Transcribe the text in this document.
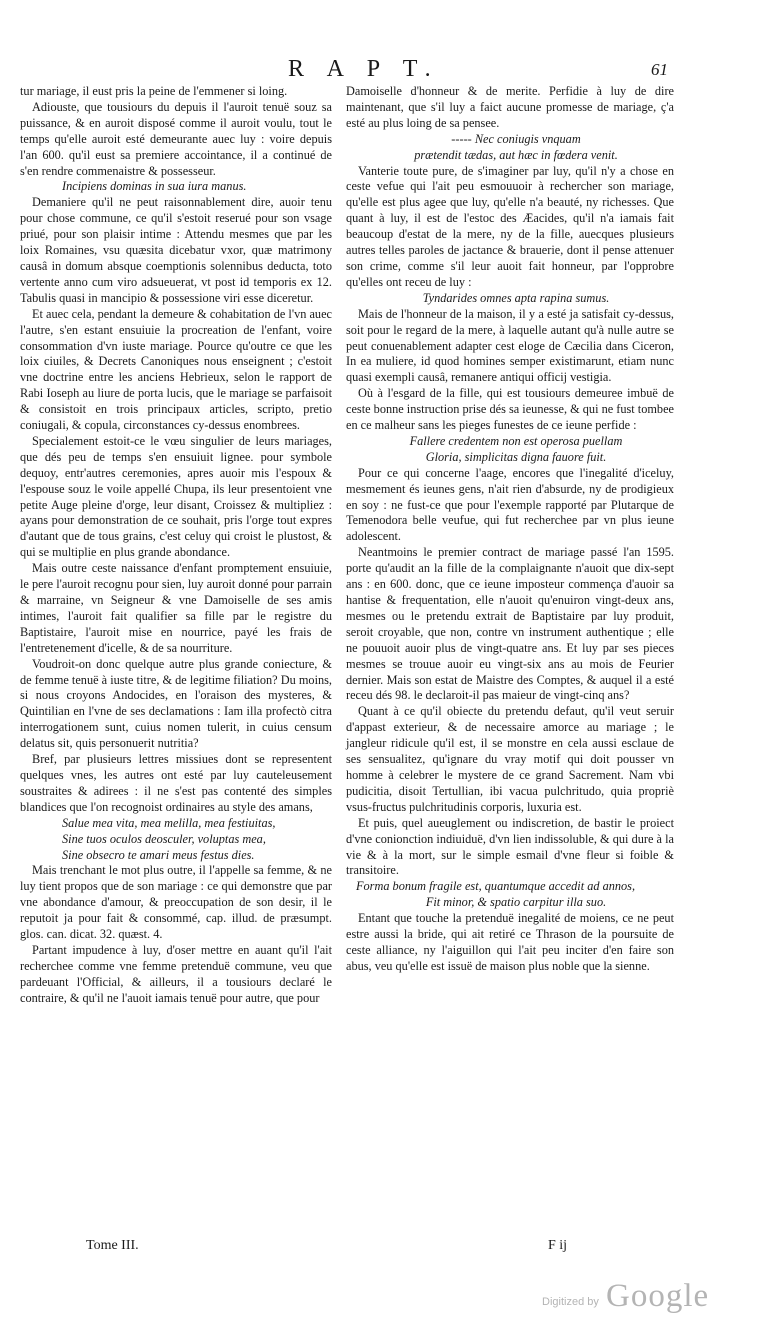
R A P T.	61

tur mariage, il eust pris la peine de l'emmener si loing.

Adiouste, que tousiours du depuis il l'auroit tenuë souz sa puissance, & en auroit disposé comme il auroit voulu, tout le temps qu'elle auroit esté demeurante auec luy : voire depuis l'an 600. qu'il eust sa premiere accointance, il a continué de s'en rendre commenaistre & possesseur.

Incipiens dominas in sua iura manus.

Demaniere qu'il ne peut raisonnablement dire, auoir tenu pour chose commune, ce qu'il s'estoit reserué pour son vsage priué, pour son plaisir intime : Attendu mesmes que par les loix Romaines, vsu quæsita dicebatur vxor, quæ matrimony causâ in domum absque coemptionis solennibus deducta, toto vertente anno cum viro adsueuerat, vt post id temporis ex 12. Tabulis quasi in mancipio & possessione viri esse diceretur.

Et auec cela, pendant la demeure & cohabitation de l'vn auec l'autre, s'en estant ensuiuie la procreation de l'enfant, voire consommation d'vn iuste mariage. Pource qu'outre ce que les loix ciuiles, & Decrets Canoniques nous enseignent ; c'estoit vne doctrine entre les anciens Hebrieux, selon le rapport de Rabi Ioseph au liure de porta lucis, que le mariage se parfaisoit & consistoit en trois principaux articles, scripto, pretio coniugali, & copula, circonstances cy-dessus enombrees.

Specialement estoit-ce le vœu singulier de leurs mariages, que dés peu de temps s'en ensuiuit lignee. pour symbole dequoy, entr'autres ceremonies, apres auoir mis l'espoux & l'espouse souz le voile appellé Chupa, ils leur presentoient vne petite Auge pleine d'orge, leur disant, Croissez & multipliez : ayans pour demonstration de ce souhait, pris l'orge tout expres d'autant que de tous grains, c'est celuy qui croist le plustost, & qui se multiplie en plus grande abondance.

Mais outre ceste naissance d'enfant promptement ensuiuie, le pere l'auroit recognu pour sien, luy auroit donné pour parrain & marraine, vn Seigneur & vne Damoiselle de ses amis intimes, l'auroit fait qualifier sa fille par le registre du Baptistaire, l'auroit mise en nourrice, payé les frais de l'entretenement d'icelle, & de sa nourriture.

Voudroit-on donc quelque autre plus grande coniecture, & de femme tenuë à iuste titre, & de legitime filiation? Du moins, si nous croyons Andocides, en l'oraison des mysteres, & Quintilian en l'vne de ses declamations : Iam illa profectò citra interrogationem sunt, cuius nomen tulerit, in cuius censum delatus sit, quis personuerit nutritia?

Bref, par plusieurs lettres missiues dont se representent quelques vnes, les autres ont esté par luy cauteleusement soustraites & adirees : il ne s'est pas contenté des simples blandices que l'on recognoist ordinaires au style des amans,

Salue mea vita, mea melilla, mea festiuitas,

Sine tuos oculos deosculer, voluptas mea,

Sine obsecro te amari meus festus dies.

Mais trenchant le mot plus outre, il l'appelle sa femme, & ne luy tient propos que de son mariage : ce qui demonstre que par vne abondance d'amour, & preoccupation de son desir, il le reputoit ja pour fait & consommé, cap. illud. de præsumpt. glos. can. dicat. 32. quæst. 4.

Partant impudence à luy, d'oser mettre en auant qu'il l'ait recherchee comme vne femme pretenduë commune, veu que pardeuant l'Official, & ailleurs, il a tousiours declaré le contraire, & qu'il ne l'auoit iamais tenuë pour autre, que pour

Damoiselle d'honneur & de merite. Perfidie à luy de dire maintenant, que s'il luy a faict aucune promesse de mariage, ç'a esté au plus loing de sa pensee.

----- Nec coniugis vnquam

prætendit tædas, aut hæc in fœdera venit.

Vanterie toute pure, de s'imaginer par luy, qu'il n'y a chose en ceste vefue qui l'ait peu esmouuoir à rechercher son mariage, qu'elle est plus agee que luy, qu'elle n'a beauté, ny richesses. Que quant à luy, il est de l'estoc des Æacides, qu'il n'a iamais fait beaucoup d'estat de la mere, ny de la fille, auecques plusieurs autres telles paroles de jactance & brauerie, dont il pense attenuer son crime, comme s'il leur auoit fait honneur, par l'opprobre qu'elles ont receu de luy :

Tyndarides omnes apta rapina sumus.

Mais de l'honneur de la maison, il y a esté ja satisfait cy-dessus, soit pour le regard de la mere, à laquelle autant qu'à nulle autre se peut conuenablement adapter cest eloge de Cæcilia dans Ciceron, In ea muliere, id quod homines semper existimarunt, etiam nunc quasi exempli causâ, remanere antiqui officij vestigia.

Où à l'esgard de la fille, qui est tousiours demeuree imbuë de ceste bonne instruction prise dés sa ieunesse, & qui ne fust tombee en ce malheur sans les pieges funestes de ce ieune perfide :

Fallere credentem non est operosa puellam

Gloria, simplicitas digna fauore fuit.

Pour ce qui concerne l'aage, encores que l'inegalité d'iceluy, mesmement és ieunes gens, n'ait rien d'absurde, ny de prodigieux en soy : ne fust-ce que pour l'exemple rapporté par Plutarque de Temenodora belle veufue, qui fut recherchee par vn plus ieune adolescent.

Neantmoins le premier contract de mariage passé l'an 1595. porte qu'audit an la fille de la complaignante n'auoit que dix-sept ans : en 600. donc, que ce ieune imposteur commença d'auoir sa hantise & frequentation, elle n'auoit qu'enuiron vingt-deux ans, mesmes ou le pretendu extrait de Baptistaire par luy produit, seroit croyable, que non, contre vn instrument authentique ; elle ne pouuoit auoir plus de vingt-quatre ans. Et luy par ses pieces mesmes se trouue auoir eu vingt-six ans au mois de Feurier dernier. Mais son estat de Maistre des Comptes, & auquel il a esté receu dés 98. le declaroit-il pas maieur de vingt-cinq ans?

Quant à ce qu'il obiecte du pretendu defaut, qu'il veut seruir d'appast exterieur, & de necessaire amorce au mariage ; le jangleur ridicule qu'il est, il se monstre en cela aussi esclaue de ses sensualitez, qu'ignare du vray motif qui doit pousser vn homme à celebrer le mystere de ce grand Sacrement. Nam vbi pudicitia, disoit Tertullian, ibi vacua pulchritudo, quia propriè vsus-fructus pulchritudinis corporis, luxuria est.

Et puis, quel aueuglement ou indiscretion, de bastir le proiect d'vne conionction indiuiduë, d'vn lien indissoluble, & qui dure à la vie & à la mort, sur le simple esmail d'vne fleur si foible & transitoire.

Forma bonum fragile est, quantumque accedit ad annos,

Fit minor, & spatio carpitur illa suo.

Entant que touche la pretenduë inegalité de moiens, ce ne peut estre aussi la bride, qui ait retiré ce Thrason de la poursuite de ceste alliance, ny l'aiguillon qui l'ait peu inciter d'en faire son abus, veu qu'elle est issuë de maison plus noble que la sienne.

Tome III.	F ij
Digitized by Google
